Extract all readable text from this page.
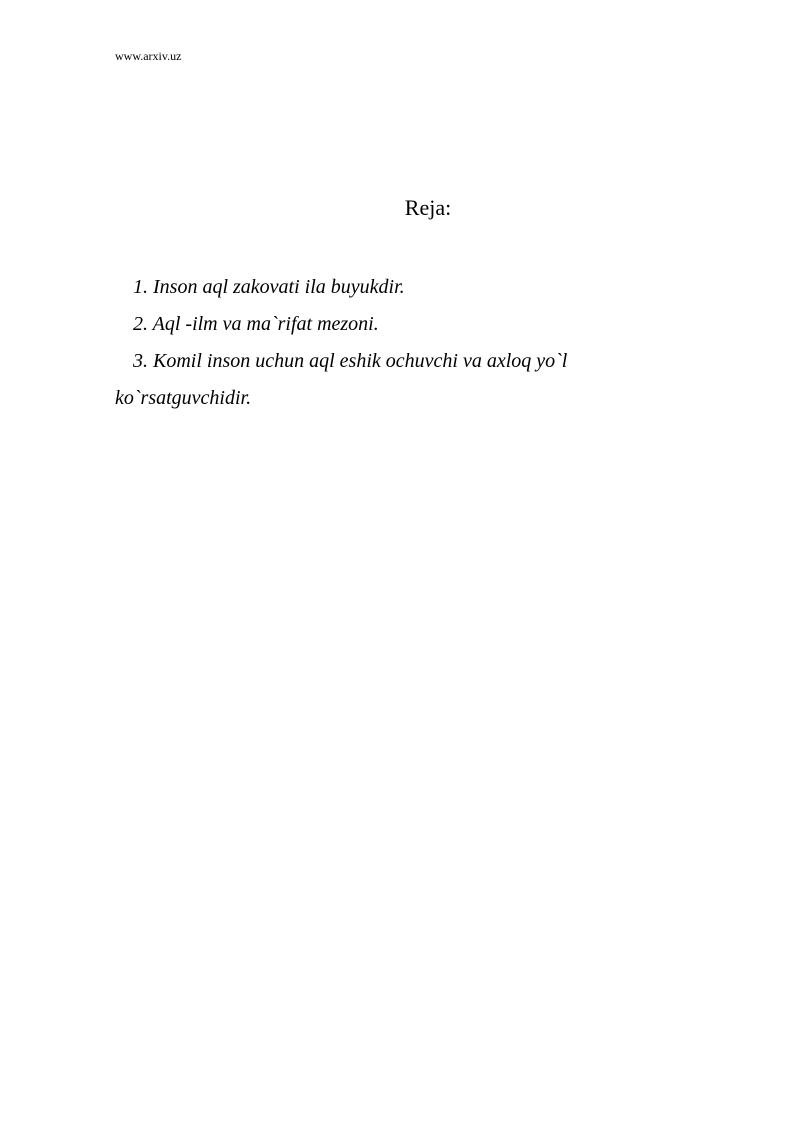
www.arxiv.uz
Reja:

1. Inson aql zakovati ila buyukdir.

2. Aql -ilm va ma`rifat mezoni.

3. Komil inson uchun aql eshik ochuvchi va axloq yo`l ko`rsatguvchidir.
